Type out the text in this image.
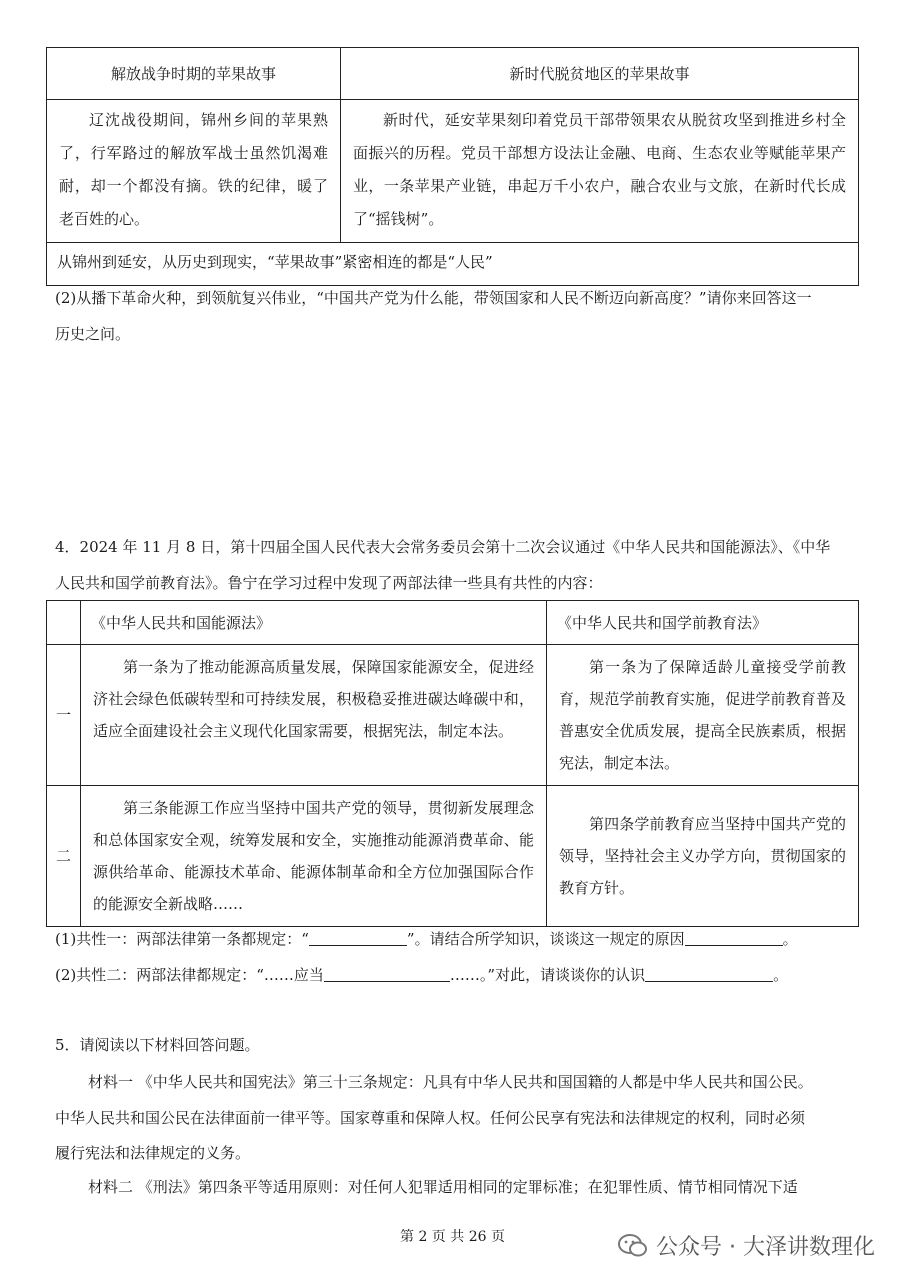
解放战争时期的苹果故事	新时代脱贫地区的苹果故事
辽沈战役期间，锦州乡间的苹果熟了，行军路过的解放军战士虽然饥渴难耐，却一个都没有摘。铁的纪律，暖了老百姓的心。	新时代，延安苹果刻印着党员干部带领果农从脱贫攻坚到推进乡村全面振兴的历程。党员干部想方设法让金融、电商、生态农业等赋能苹果产业，一条苹果产业链，串起万千小农户，融合农业与文旅，在新时代长成了“摇钱树”。
从锦州到延安，从历史到现实，“苹果故事”紧密相连的都是“人民”	
(2)从播下革命火种，到领航复兴伟业，“中国共产党为什么能，带领国家和人民不断迈向新高度？”请你来回答这一
历史之问。
4．2024 年 11 月 8 日，第十四届全国人民代表大会常务委员会第十二次会议通过《中华人民共和国能源法》、《中华
人民共和国学前教育法》。鲁宁在学习过程中发现了两部法律一些具有共性的内容：
	《中华人民共和国能源法》	《中华人民共和国学前教育法》
一	第一条为了推动能源高质量发展，保障国家能源安全，促进经济社会绿色低碳转型和可持续发展，积极稳妥推进碳达峰碳中和，适应全面建设社会主义现代化国家需要，根据宪法，制定本法。	第一条为了保障适龄儿童接受学前教育，规范学前教育实施，促进学前教育普及普惠安全优质发展，提高全民族素质，根据宪法，制定本法。
二	第三条能源工作应当坚持中国共产党的领导，贯彻新发展理念和总体国家安全观，统筹发展和安全，实施推动能源消费革命、能源供给革命、能源技术革命、能源体制革命和全方位加强国际合作的能源安全新战略……	第四条学前教育应当坚持中国共产党的领导，坚持社会主义办学方向，贯彻国家的教育方针。
(1)共性一：两部法律第一条都规定：“	”。请结合所学知识，谈谈这一规定的原因	。
(2)共性二：两部法律都规定：“……应当	……。”对此，请谈谈你的认识	。
5．请阅读以下材料回答问题。
材料一 《中华人民共和国宪法》第三十三条规定：凡具有中华人民共和国国籍的人都是中华人民共和国公民。
中华人民共和国公民在法律面前一律平等。国家尊重和保障人权。任何公民享有宪法和法律规定的权利，同时必须
履行宪法和法律规定的义务。
材料二 《刑法》第四条平等适用原则：对任何人犯罪适用相同的定罪标准；在犯罪性质、情节相同情况下适
第 2 页 共 26 页	公众号 · 大泽讲数理化
